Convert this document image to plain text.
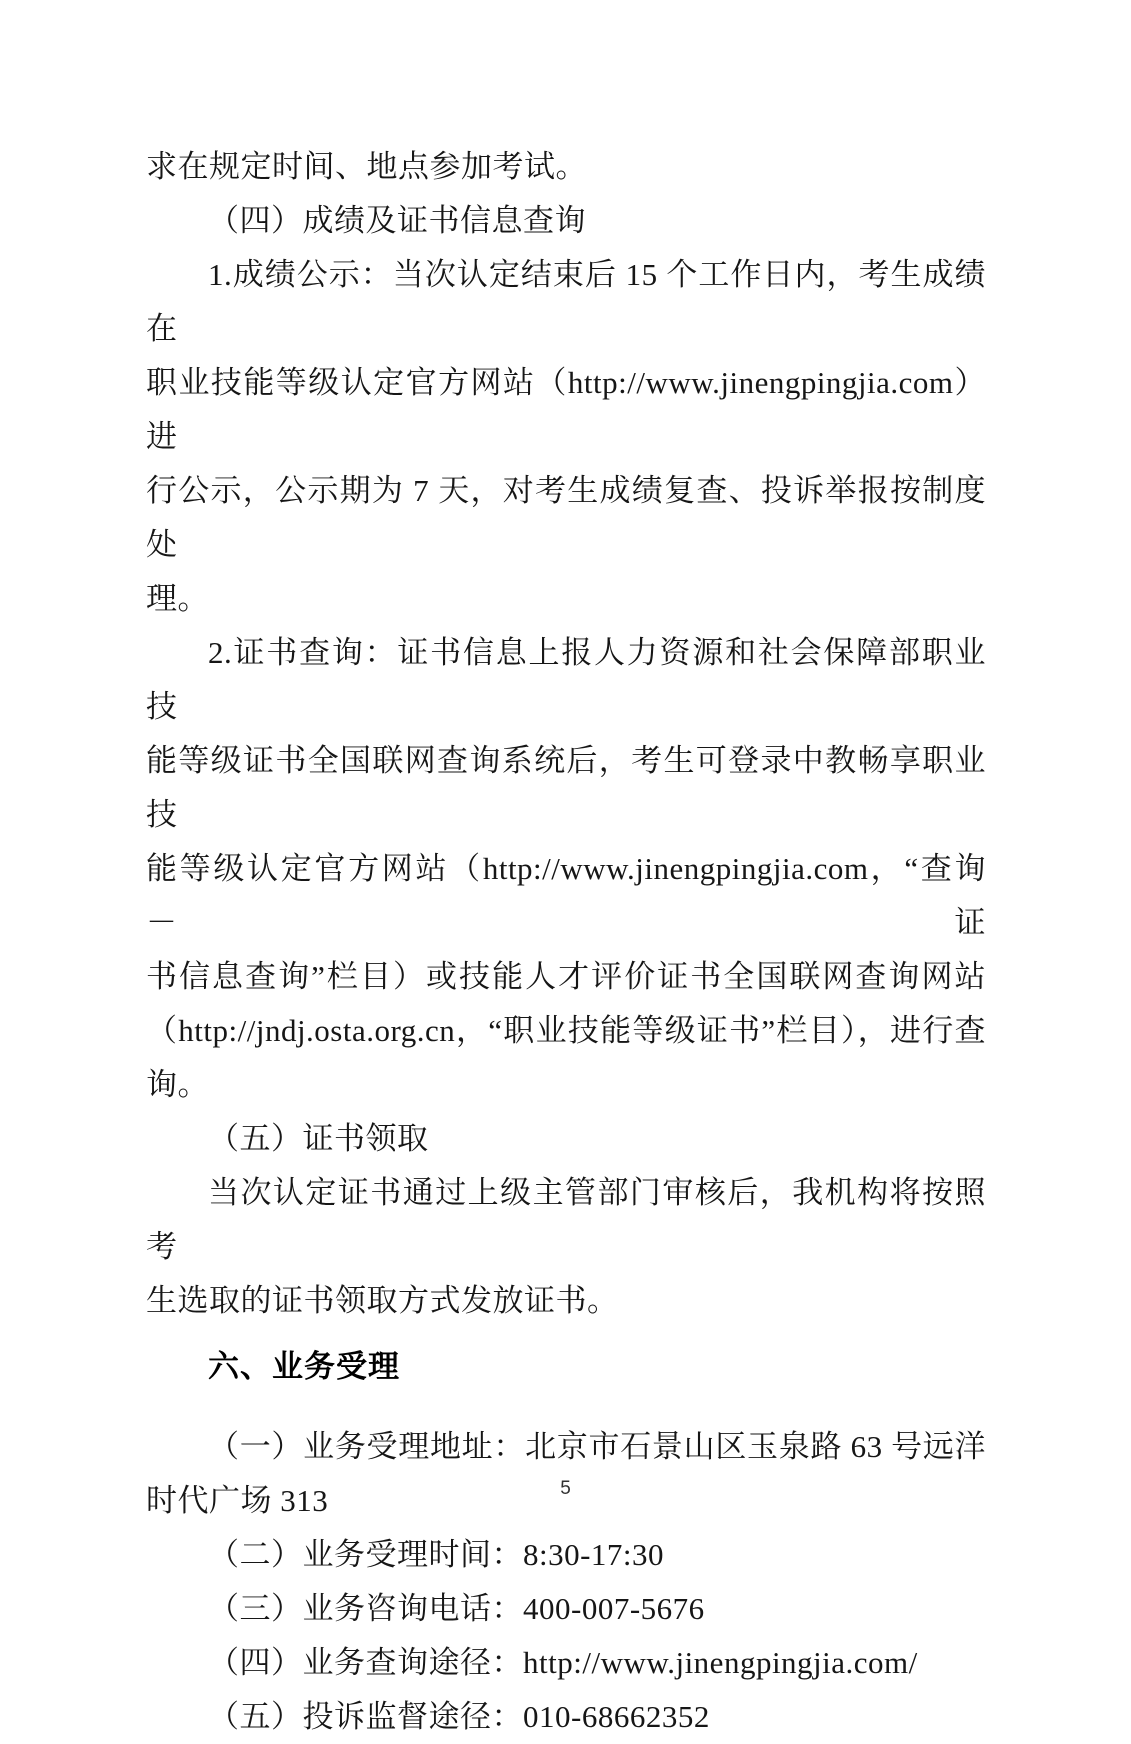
求在规定时间、地点参加考试。
（四）成绩及证书信息查询
1.成绩公示：当次认定结束后 15 个工作日内，考生成绩在
职业技能等级认定官方网站（http://www.jinengpingjia.com）进
行公示，公示期为 7 天，对考生成绩复查、投诉举报按制度处
理。
2.证书查询：证书信息上报人力资源和社会保障部职业技
能等级证书全国联网查询系统后，考生可登录中教畅享职业技
能等级认定官方网站（http://www.jinengpingjia.com，“查询－证
书信息查询”栏目）或技能人才评价证书全国联网查询网站
（http://jndj.osta.org.cn，“职业技能等级证书”栏目），进行查
询。
（五）证书领取
当次认定证书通过上级主管部门审核后，我机构将按照考
生选取的证书领取方式发放证书。
六、业务受理
（一）业务受理地址：北京市石景山区玉泉路 63 号远洋
时代广场 313
（二）业务受理时间：8:30-17:30
（三）业务咨询电话：400-007-5676
（四）业务查询途径：http://www.jinengpingjia.com/
（五）投诉监督途径：010-68662352
5
